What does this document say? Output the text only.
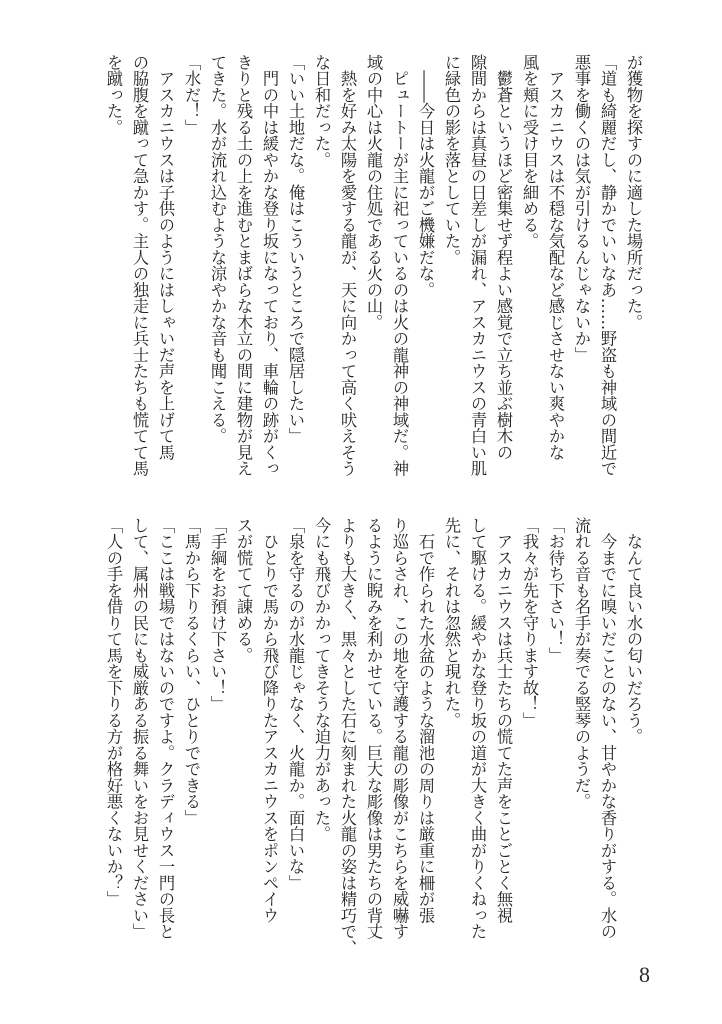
が獲物を探すのに適した場所だった。
「道も綺麗だし、静かでいいなあ……野盗も神域の間近で
悪事を働くのは気が引けるんじゃないか」
　アスカニウスは不穏な気配など感じさせない爽やかな
風を頬に受け目を細める。
　鬱蒼というほど密集せず程よい感覚で立ち並ぶ樹木の
隙間からは真昼の日差しが漏れ、アスカニウスの青白い肌
に緑色の影を落としていた。
　――今日は火龍がご機嫌だな。
　ピュートーが主に祀っているのは火の龍神の神域だ。神
域の中心は火龍の住処である火の山。
　熱を好み太陽を愛する龍が、天に向かって高く吠えそう
な日和だった。
「いい土地だな。俺はこういうところで隠居したい」
　門の中は緩やかな登り坂になっており、車輪の跡がくっ
きりと残る土の上を進むとまばらな木立の間に建物が見え
てきた。水が流れ込むような涼やかな音も聞こえる。
「水だ！」
　アスカニウスは子供のようにはしゃいだ声を上げて馬
の脇腹を蹴って急かす。主人の独走に兵士たちも慌てて馬
を蹴った。
　なんて良い水の匂いだろう。
　今までに嗅いだことのない、甘やかな香りがする。水の
流れる音も名手が奏でる竪琴のようだ。
「お待ち下さい！」
「我々が先を守ります故！」
　アスカニウスは兵士たちの慌てた声をことごとく無視
して駆ける。緩やかな登り坂の道が大きく曲がりくねった
先に、それは忽然と現れた。
　石で作られた水盆のような溜池の周りは厳重に柵が張
り巡らされ、この地を守護する龍の彫像がこちらを威嚇す
るように睨みを利かせている。巨大な彫像は男たちの背丈
よりも大きく、黒々とした石に刻まれた火龍の姿は精巧で、
今にも飛びかかってきそうな迫力があった。
「泉を守るのが水龍じゃなく、火龍か。面白いな」
　ひとりで馬から飛び降りたアスカニウスをポンペイウ
スが慌てて諌める。
「手綱をお預け下さい！」
「馬から下りるくらい、ひとりでできる」
「ここは戦場ではないのですよ。クラディウス一門の長と
して、属州の民にも威厳ある振る舞いをお見せください」
「人の手を借りて馬を下りる方が格好悪くないか？」
8
